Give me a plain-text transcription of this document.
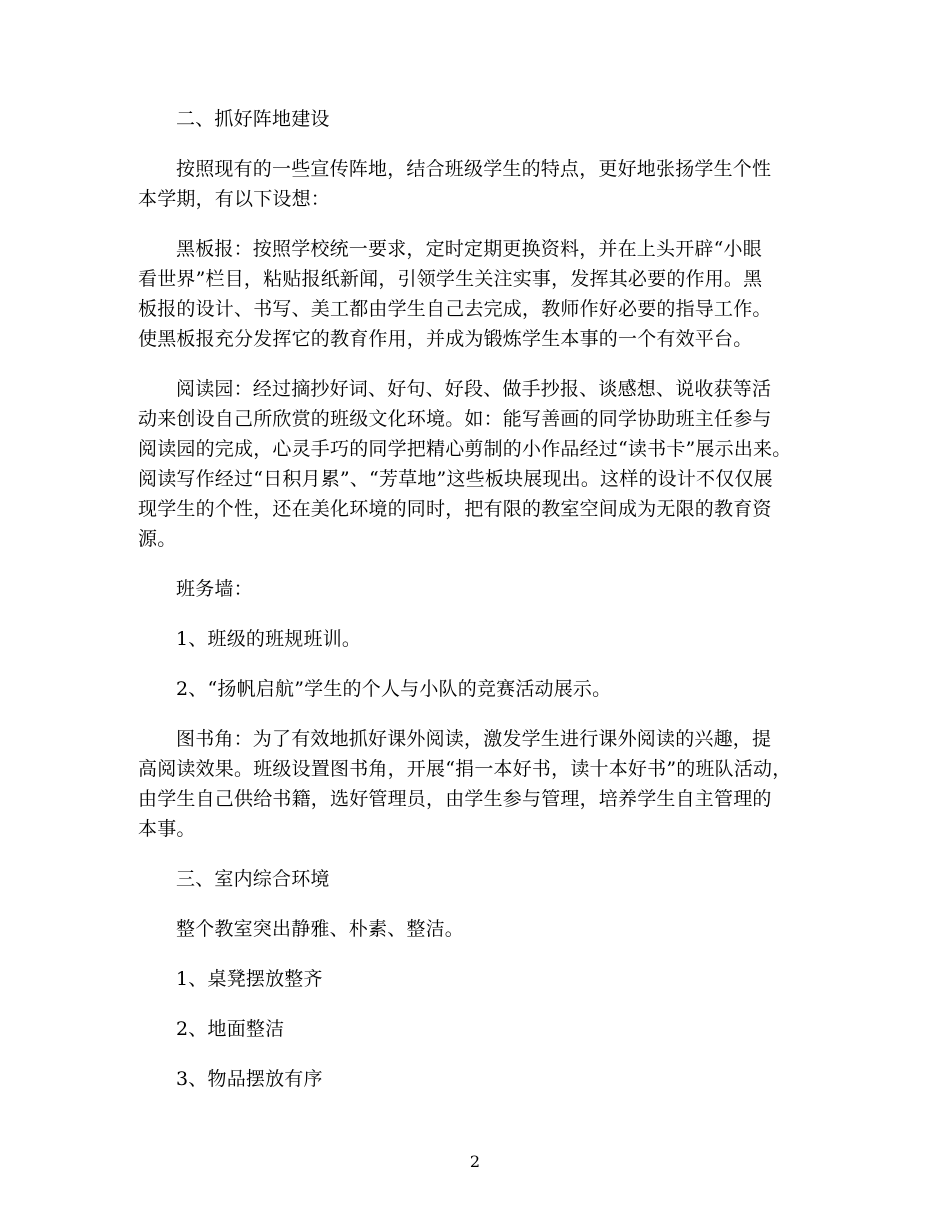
二、抓好阵地建设

按照现有的一些宣传阵地，结合班级学生的特点，更好地张扬学生个性
本学期，有以下设想：

黑板报：按照学校统一要求，定时定期更换资料，并在上头开辟“小眼
看世界”栏目，粘贴报纸新闻，引领学生关注实事，发挥其必要的作用。黑
板报的设计、书写、美工都由学生自己去完成，教师作好必要的指导工作。
使黑板报充分发挥它的教育作用，并成为锻炼学生本事的一个有效平台。

阅读园：经过摘抄好词、好句、好段、做手抄报、谈感想、说收获等活
动来创设自己所欣赏的班级文化环境。如：能写善画的同学协助班主任参与
阅读园的完成，心灵手巧的同学把精心剪制的小作品经过“读书卡”展示出来。
阅读写作经过“日积月累”、“芳草地”这些板块展现出。这样的设计不仅仅展
现学生的个性，还在美化环境的同时，把有限的教室空间成为无限的教育资
源。

班务墙：

1、班级的班规班训。

2、“扬帆启航”学生的个人与小队的竞赛活动展示。

图书角：为了有效地抓好课外阅读，激发学生进行课外阅读的兴趣，提
高阅读效果。班级设置图书角，开展“捐一本好书，读十本好书”的班队活动，
由学生自己供给书籍，选好管理员，由学生参与管理，培养学生自主管理的
本事。

三、室内综合环境

整个教室突出静雅、朴素、整洁。

1、桌凳摆放整齐

2、地面整洁

3、物品摆放有序

2
